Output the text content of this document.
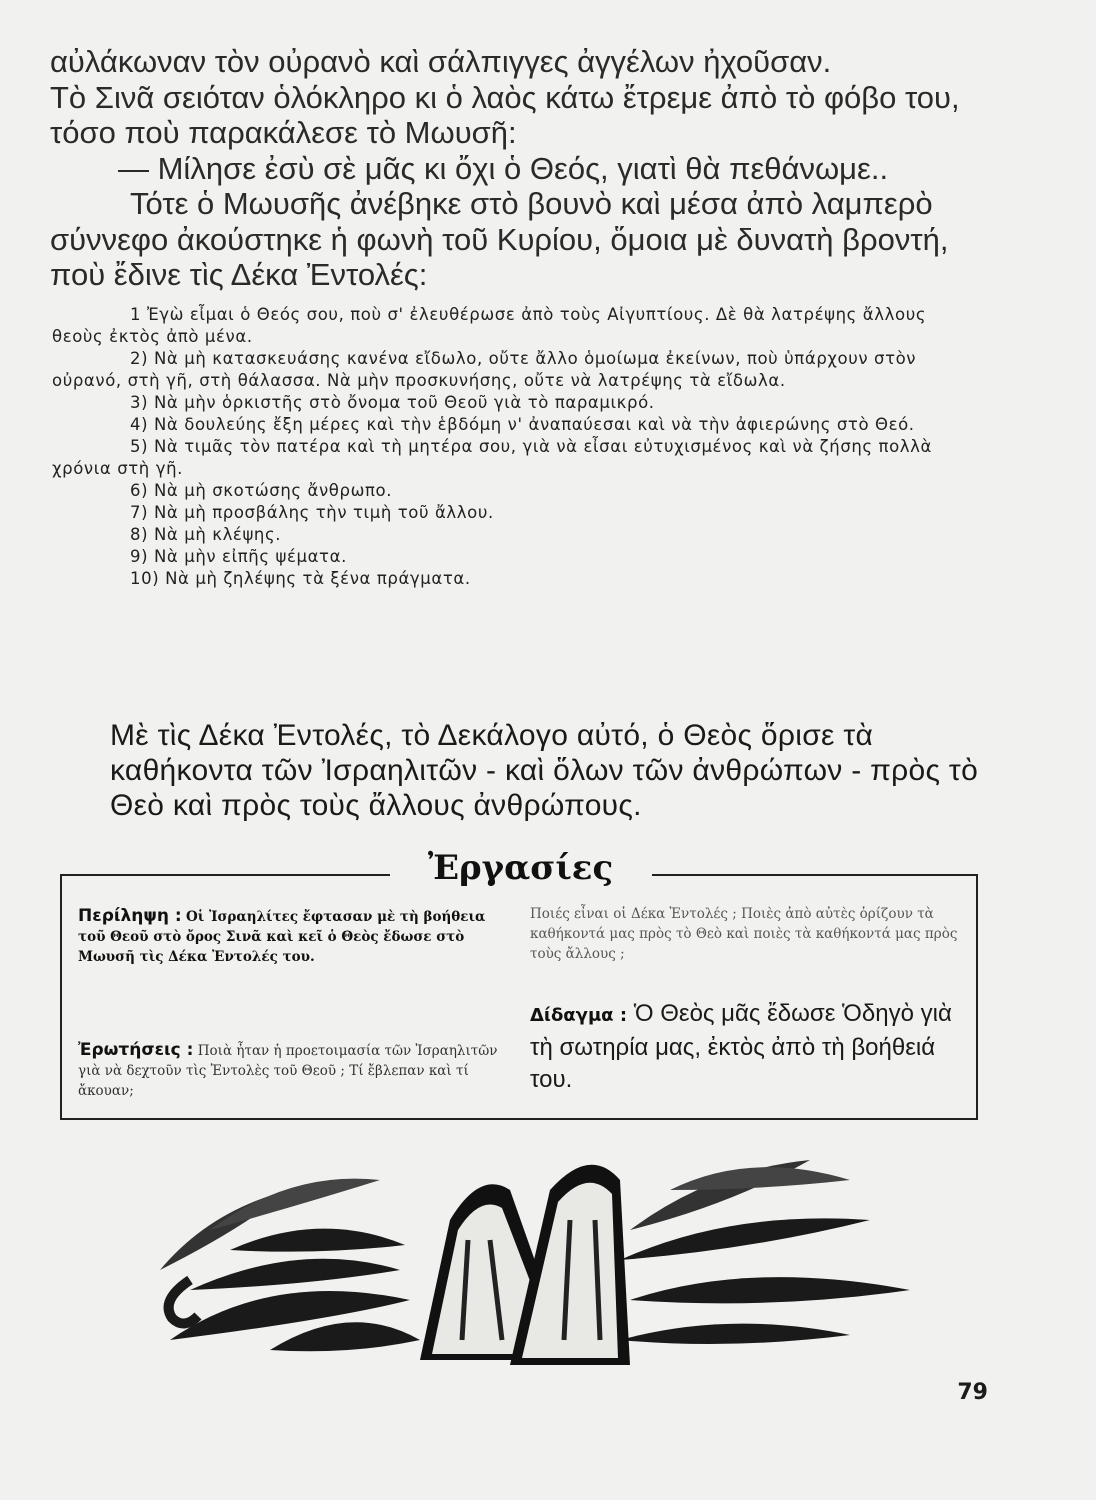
αὐλάκωναν τὸν οὐρανὸ καὶ σάλπιγγες ἀγγέλων ἠχοῦσαν.

Τὸ Σινᾶ σειόταν ὁλόκληρο κι ὁ λαὸς κάτω ἔτρεμε ἀπὸ τὸ φόβο του, τόσο ποὺ παρακάλεσε τὸ Μωυσῆ:

— Μίλησε ἐσὺ σὲ μᾶς κι ὄχι ὁ Θεός, γιατὶ θὰ πεθάνωμε..

Τότε ὁ Μωυσῆς ἀνέβηκε στὸ βουνὸ καὶ μέσα ἀπὸ λαμπερὸ σύννεφο ἀκούστηκε ἡ φωνὴ τοῦ Κυρίου, ὅμοια μὲ δυνατὴ βροντή, ποὺ ἔδινε τὶς Δέκα Ἐντολές:

1 Ἐγὼ εἶμαι ὁ Θεός σου, ποὺ σ' ἐλευθέρωσε ἀπὸ τοὺς Αἰγυπτίους. Δὲ θὰ λατρέψης ἄλλους θεοὺς ἐκτὸς ἀπὸ μένα.

2) Νὰ μὴ κατασκευάσης κανένα εἴδωλο, οὔτε ἄλλο ὁμοίωμα ἐκείνων, ποὺ ὑπάρχουν στὸν οὐρανό, στὴ γῆ, στὴ θάλασσα. Νὰ μὴν προσκυνήσης, οὔτε νὰ λατρέψης τὰ εἴδωλα.

3) Νὰ μὴν ὁρκιστῆς στὸ ὄνομα τοῦ Θεοῦ γιὰ τὸ παραμικρό.

4) Νὰ δουλεύης ἔξη μέρες καὶ τὴν ἑβδόμη ν' ἀναπαύεσαι καὶ νὰ τὴν ἀφιερώνης στὸ Θεό.

5) Νὰ τιμᾶς τὸν πατέρα καὶ τὴ μητέρα σου, γιὰ νὰ εἶσαι εὐτυχισμένος καὶ νὰ ζήσης πολλὰ χρόνια στὴ γῆ.

6) Νὰ μὴ σκοτώσης ἄνθρωπο.

7) Νὰ μὴ προσβάλης τὴν τιμὴ τοῦ ἄλλου.

8) Νὰ μὴ κλέψης.

9) Νὰ μὴν εἰπῆς ψέματα.

10) Νὰ μὴ ζηλέψης τὰ ξένα πράγματα.

Μὲ τὶς Δέκα Ἐντολές, τὸ Δεκάλογο αὐτό, ὁ Θεὸς ὅρισε τὰ καθήκοντα τῶν Ἰσραηλιτῶν - καὶ ὅλων τῶν ἀνθρώπων - πρὸς τὸ Θεὸ καὶ πρὸς τοὺς ἄλλους ἀνθρώπους.
Ἐργασίες
Περίληψη : Οἱ Ἰσραηλίτες ἔφτασαν μὲ τὴ βοήθεια τοῦ Θεοῦ στὸ ὄρος Σινᾶ καὶ κεῖ ὁ Θεὸς ἔδωσε στὸ Μωυσῆ τὶς Δέκα Ἐντολές του.
Ἐρωτήσεις : Ποιὰ ἦταν ἡ προετοιμασία τῶν Ἰσραηλιτῶν γιὰ νὰ δεχτοῦν τὶς Ἐντολὲς τοῦ Θεοῦ ; Τί ἔβλεπαν καὶ τί ἄκουαν;
Ποιές εἶναι οἱ Δέκα Ἐντολές ; Ποιὲς ἀπὸ αὐτὲς ὁρίζουν τὰ καθήκοντά μας πρὸς τὸ Θεὸ καὶ ποιὲς τὰ καθήκοντά μας πρὸς τοὺς ἄλλους ;
Δίδαγμα : Ὁ Θεὸς μᾶς ἔδωσε Ὁδηγὸ γιὰ τὴ σωτηρία μας, ἐκτὸς ἀπὸ τὴ βοήθειά του.
79
